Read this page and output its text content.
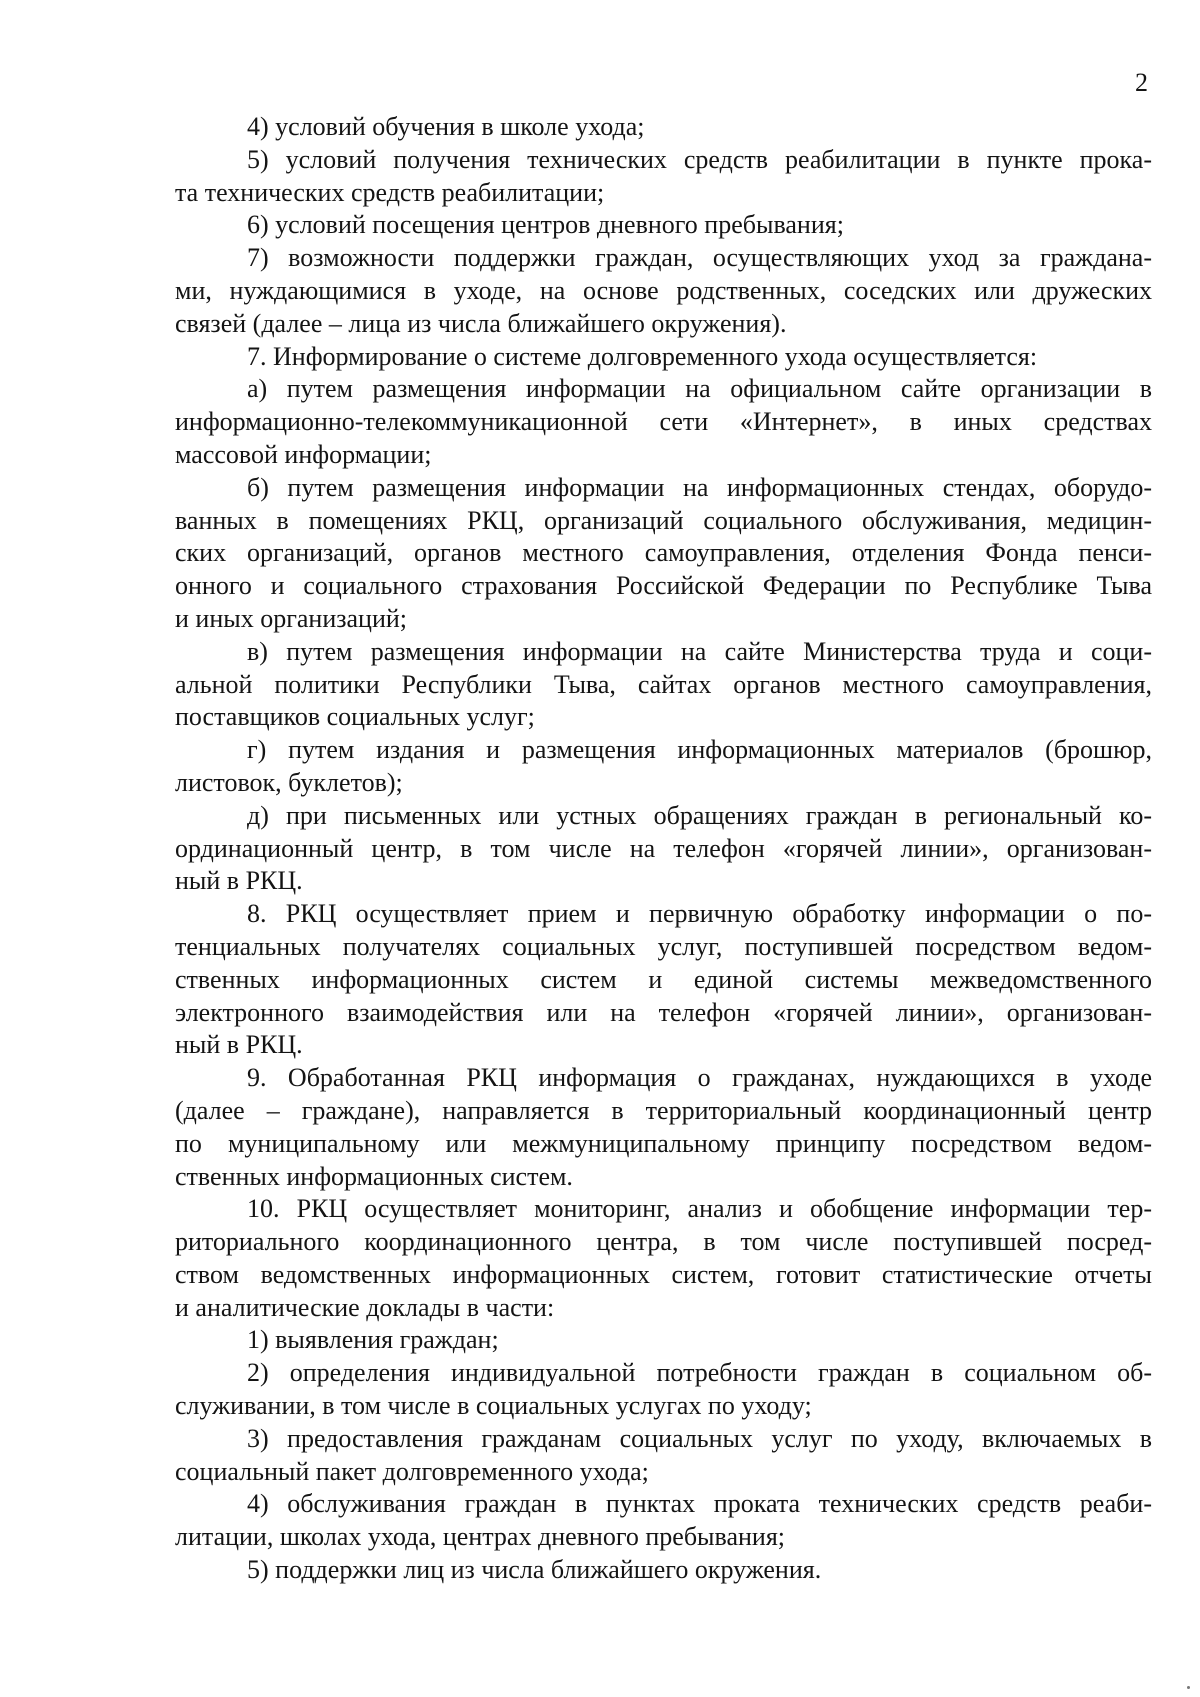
2
4) условий обучения в школе ухода;
5) условий получения технических средств реабилитации в пункте прока-
та технических средств реабилитации;
6) условий посещения центров дневного пребывания;
7) возможности поддержки граждан, осуществляющих уход за граждана-
ми, нуждающимися в уходе, на основе родственных, соседских или дружеских
связей (далее – лица из числа ближайшего окружения).
7. Информирование о системе долговременного ухода осуществляется:
а) путем размещения информации на официальном сайте организации в
информационно-телекоммуникационной сети «Интернет», в иных средствах
массовой информации;
б) путем размещения информации на информационных стендах, оборудо-
ванных в помещениях РКЦ, организаций социального обслуживания, медицин-
ских организаций, органов местного самоуправления, отделения Фонда пенси-
онного и социального страхования Российской Федерации по Республике Тыва
и иных организаций;
в) путем размещения информации на сайте Министерства труда и соци-
альной политики Республики Тыва, сайтах органов местного самоуправления,
поставщиков социальных услуг;
г) путем издания и размещения информационных материалов (брошюр,
листовок, буклетов);
д) при письменных или устных обращениях граждан в региональный ко-
ординационный центр, в том числе на телефон «горячей линии», организован-
ный в РКЦ.
8. РКЦ осуществляет прием и первичную обработку информации о по-
тенциальных получателях социальных услуг, поступившей посредством ведом-
ственных информационных систем и единой системы межведомственного
электронного взаимодействия или на телефон «горячей линии», организован-
ный в РКЦ.
9. Обработанная РКЦ информация о гражданах, нуждающихся в уходе
(далее – граждане), направляется в территориальный координационный центр
по муниципальному или межмуниципальному принципу посредством ведом-
ственных информационных систем.
10. РКЦ осуществляет мониторинг, анализ и обобщение информации тер-
риториального координационного центра, в том числе поступившей посред-
ством ведомственных информационных систем, готовит статистические отчеты
и аналитические доклады в части:
1) выявления граждан;
2) определения индивидуальной потребности граждан в социальном об-
служивании, в том числе в социальных услугах по уходу;
3) предоставления гражданам социальных услуг по уходу, включаемых в
социальный пакет долговременного ухода;
4) обслуживания граждан в пунктах проката технических средств реаби-
литации, школах ухода, центрах дневного пребывания;
5) поддержки лиц из числа ближайшего окружения.
